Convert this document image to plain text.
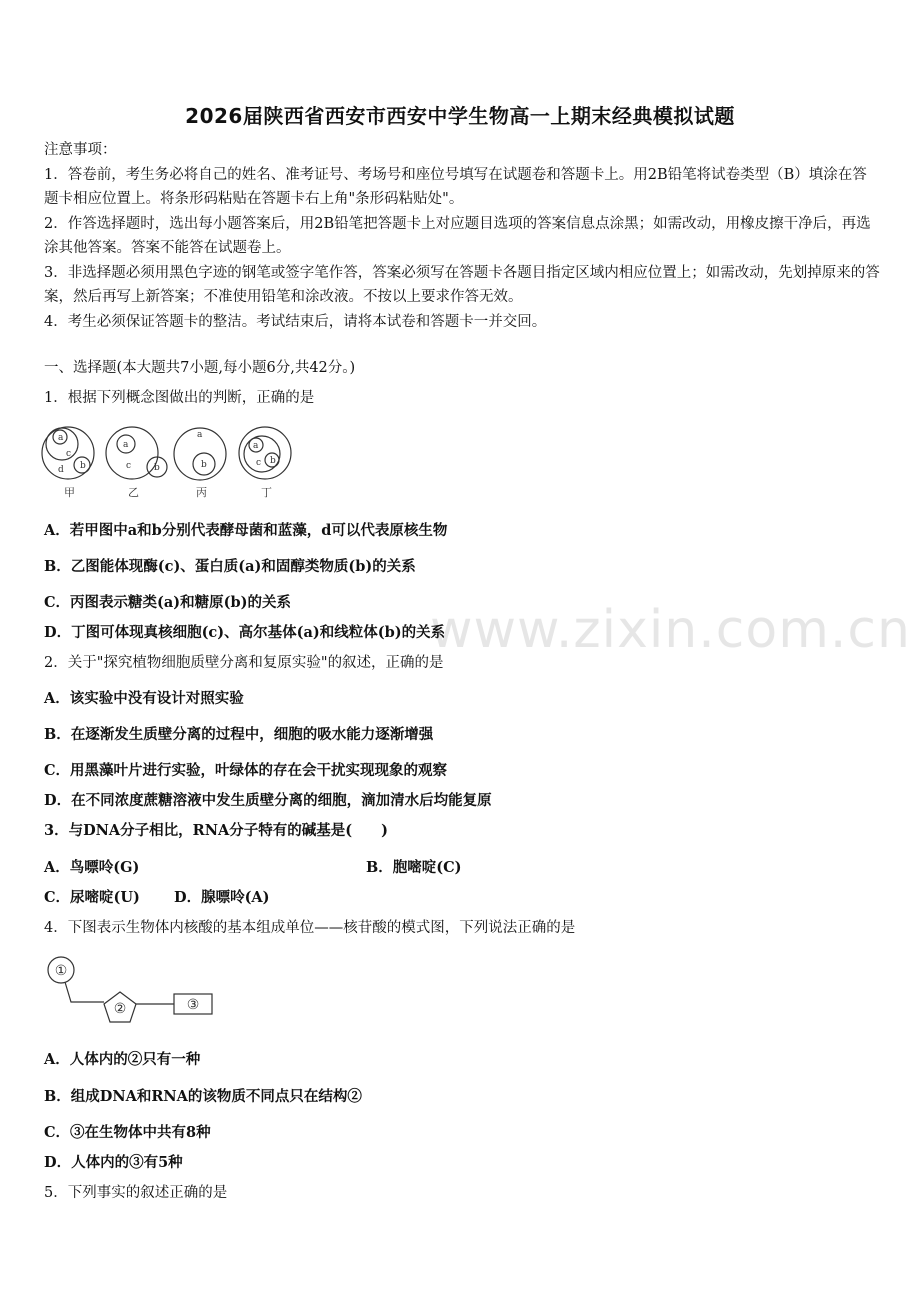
www.zixin.com.cn
2026届陕西省西安市西安中学生物高一上期末经典模拟试题

注意事项：

1．答卷前，考生务必将自己的姓名、准考证号、考场号和座位号填写在试题卷和答题卡上。用2B铅笔将试卷类型（B）填涂在答题卡相应位置上。将条形码粘贴在答题卡右上角"条形码粘贴处"。

2．作答选择题时，选出每小题答案后，用2B铅笔把答题卡上对应题目选项的答案信息点涂黑；如需改动，用橡皮擦干净后，再选涂其他答案。答案不能答在试题卷上。

3．非选择题必须用黑色字迹的钢笔或签字笔作答，答案必须写在答题卡各题目指定区域内相应位置上；如需改动，先划掉原来的答案，然后再写上新答案；不准使用铅笔和涂改液。不按以上要求作答无效。

4．考生必须保证答题卡的整洁。考试结束后，请将本试卷和答题卡一并交回。

一、选择题(本大题共7小题,每小题6分,共42分。)
1．根据下列概念图做出的判断，正确的是
a
c
d b
a
c	b
a
b
a
c b
甲	乙	丙	丁
A．若甲图中a和b分别代表酵母菌和蓝藻，d可以代表原核生物
B．乙图能体现酶(c)、蛋白质(a)和固醇类物质(b)的关系
C．丙图表示糖类(a)和糖原(b)的关系
D．丁图可体现真核细胞(c)、高尔基体(a)和线粒体(b)的关系
2．关于"探究植物细胞质壁分离和复原实验"的叙述，正确的是
A．该实验中没有设计对照实验
B．在逐渐发生质壁分离的过程中，细胞的吸水能力逐渐增强
C．用黑藻叶片进行实验，叶绿体的存在会干扰实现现象的观察
D．在不同浓度蔗糖溶液中发生质壁分离的细胞，滴加清水后均能复原
3．与DNA分子相比，RNA分子特有的碱基是(　　)
A．鸟嘌呤(G)	B．胞嘧啶(C)
C．尿嘧啶(U) D．腺嘌呤(A)
4．下图表示生物体内核酸的基本组成单位——核苷酸的模式图，下列说法正确的是
①
②	③
A．人体内的②只有一种
B．组成DNA和RNA的该物质不同点只在结构②
C．③在生物体中共有8种
D．人体内的③有5种
5．下列事实的叙述正确的是
